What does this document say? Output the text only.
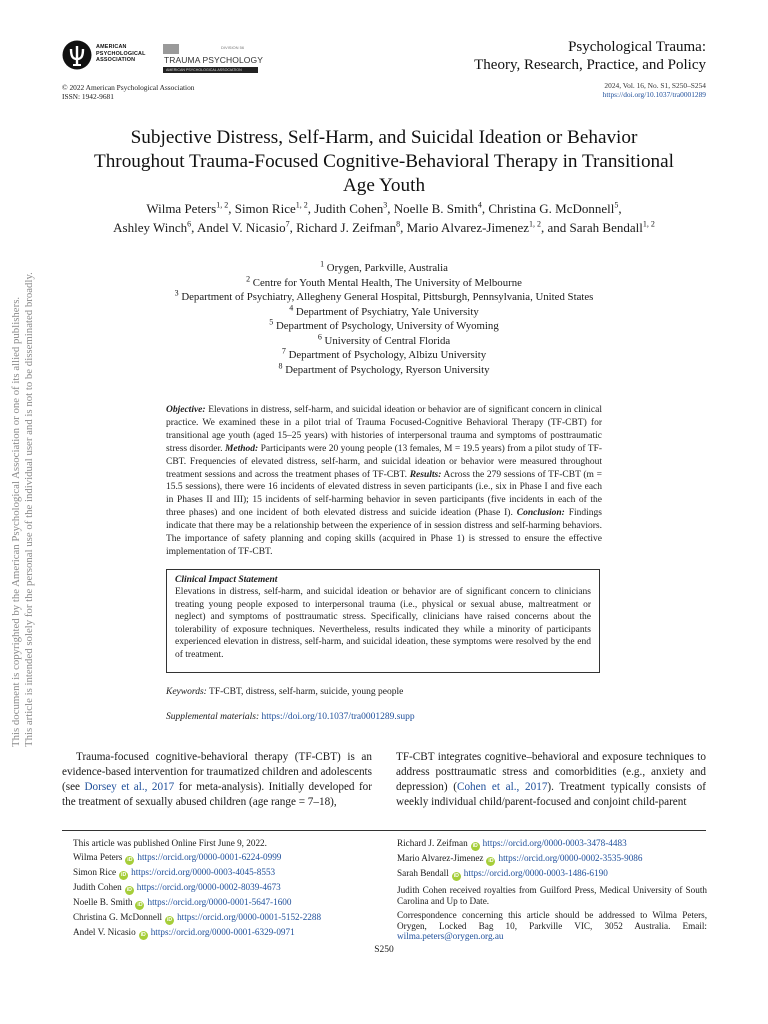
AMERICAN
PSYCHOLOGICAL
ASSOCIATION
DIVISION 56
TRAUMA PSYCHOLOGY
AMERICAN PSYCHOLOGICAL ASSOCIATION
Psychological Trauma:
Theory, Research, Practice, and Policy
© 2022 American Psychological Association
ISSN: 1942-9681
2024, Vol. 16, No. S1, S250–S254
https://doi.org/10.1037/tra0001289
Subjective Distress, Self-Harm, and Suicidal Ideation or Behavior
Throughout Trauma-Focused Cognitive-Behavioral Therapy in Transitional
Age Youth
Wilma Peters$^{1, 2}$, Simon Rice$^{1, 2}$, Judith Cohen$^3$, Noelle B. Smith$^4$, Christina G. McDonnell$^5$,
Ashley Winch$^6$, Andel V. Nicasio$^7$, Richard J. Zeifman$^8$, Mario Alvarez-Jimenez$^{1, 2}$, and Sarah Bendall$^{1, 2}$
$^1$ Orygen, Parkville, Australia
$^2$ Centre for Youth Mental Health, The University of Melbourne
$^3$ Department of Psychiatry, Allegheny General Hospital, Pittsburgh, Pennsylvania, United States
$^4$ Department of Psychiatry, Yale University
$^5$ Department of Psychology, University of Wyoming
$^6$ University of Central Florida
$^7$ Department of Psychology, Albizu University
$^8$ Department of Psychology, Ryerson University
Objective: Elevations in distress, self-harm, and suicidal ideation or behavior are of significant concern in clinical practice. We examined these in a pilot trial of Trauma Focused-Cognitive Behavioral Therapy (TF-CBT) for transitional age youth (aged 15–25 years) with histories of interpersonal trauma and symptoms of posttraumatic stress disorder. Method: Participants were 20 young people (13 females, M = 19.5 years) from a pilot study of TF-CBT. Frequencies of elevated distress, self-harm, and suicidal ideation or behavior were measured throughout treatment sessions and across the treatment phases of TF-CBT. Results: Across the 279 sessions of TF-CBT (m = 15.5 sessions), there were 16 incidents of elevated distress in seven participants (i.e., six in Phase I and five each in Phases II and III); 15 incidents of self-harming behavior in seven participants (five incidents in each of the three phases) and one incident of both elevated distress and suicide ideation (Phase I). Conclusion: Findings indicate that there may be a relationship between the experience of in session distress and self-harming behaviors. The importance of safety planning and coping skills (acquired in Phase 1) is stressed to ensure the effective implementation of TF-CBT.
Clinical Impact Statement
Elevations in distress, self-harm, and suicidal ideation or behavior are of significant concern to clinicians treating young people exposed to interpersonal trauma (i.e., physical or sexual abuse, maltreatment or neglect) and symptoms of posttraumatic stress. Specifically, clinicians have raised concerns about the tolerability of exposure techniques. Nevertheless, results indicated they while a minority of participants experienced elevation in distress, self-harm, and suicidal ideation, these symptoms were resolved by the end of treatment.
Keywords: TF-CBT, distress, self-harm, suicide, young people
Supplemental materials: https://doi.org/10.1037/tra0001289.supp
This document is copyrighted by the American Psychological Association or one of its allied publishers. This article is intended solely for the personal use of the individual user and is not to be disseminated broadly.
Trauma-focused cognitive-behavioral therapy (TF-CBT) is an evidence-based intervention for traumatized children and adolescents (see Dorsey et al., 2017 for meta-analysis). Initially developed for the treatment of sexually abused children (age range = 7–18),
TF-CBT integrates cognitive–behavioral and exposure techniques to address posttraumatic stress and comorbidities (e.g., anxiety and depression) (Cohen et al., 2017). Treatment typically consists of weekly individual child/parent-focused and conjoint child-parent
This article was published Online First June 9, 2022.
Wilma Peters iD https://orcid.org/0000-0001-6224-0999
Simon Rice iD https://orcid.org/0000-0003-4045-8553
Judith Cohen iD https://orcid.org/0000-0002-8039-4673
Noelle B. Smith iD https://orcid.org/0000-0001-5647-1600
Christina G. McDonnell iD https://orcid.org/0000-0001-5152-2288
Andel V. Nicasio iD https://orcid.org/0000-0001-6329-0971
Richard J. Zeifman iD https://orcid.org/0000-0003-3478-4483
Mario Alvarez-Jimenez iD https://orcid.org/0000-0002-3535-9086
Sarah Bendall iD https://orcid.org/0000-0003-1486-6190
Judith Cohen received royalties from Guilford Press, Medical University of South Carolina and Up to Date.
Correspondence concerning this article should be addressed to Wilma Peters, Orygen, Locked Bag 10, Parkville VIC, 3052 Australia. Email: wilma.peters@orygen.org.au
S250
